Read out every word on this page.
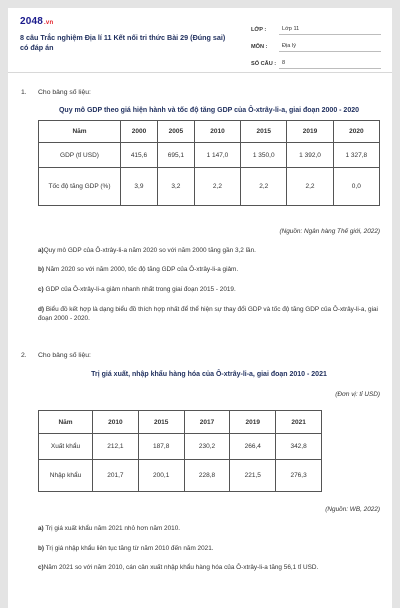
2048.vn
8 câu Trắc nghiệm Địa lí 11 Kết nối tri thức Bài 29 (Đúng sai) có đáp án
LỚP :	Lớp 11
MÔN :	Địa lý
SỐ CÂU :	8
1. Cho bảng số liệu:
Quy mô GDP theo giá hiện hành và tốc độ tăng GDP của Ô-xtrây-li-a, giai đoạn 2000 - 2020
Năm	2000	2005	2010	2015	2019	2020
GDP (tỉ USD)	415,6	695,1	1 147,0	1 350,0	1 392,0	1 327,8
Tốc độ tăng GDP (%)	3,9	3,2	2,2	2,2	2,2	0,0
(Nguồn: Ngân hàng Thế giới, 2022)
a)Quy mô GDP của Ô-xtrây-li-a năm 2020 so với năm 2000 tăng gần 3,2 lần.
b) Năm 2020 so với năm 2000, tốc độ tăng GDP của Ô-xtrây-li-a giảm.
c) GDP của Ô-xtrây-li-a giảm nhanh nhất trong giai đoạn 2015 - 2019.
d) Biểu đồ kết hợp là dạng biểu đồ thích hợp nhất để thể hiện sự thay đổi GDP và tốc độ tăng GDP của Ô-xtrây-li-a, giai đoạn 2000 - 2020.
2. Cho bảng số liệu:
Trị giá xuất, nhập khẩu hàng hóa của Ô-xtrây-li-a, giai đoạn 2010 - 2021
(Đơn vị: tỉ USD)
Năm	2010	2015	2017	2019	2021
Xuất khẩu	212,1	187,8	230,2	266,4	342,8
Nhập khẩu	201,7	200,1	228,8	221,5	276,3
(Nguồn: WB, 2022)
a) Trị giá xuất khẩu năm 2021 nhỏ hơn năm 2010.
b) Trị giá nhập khẩu liên tục tăng từ năm 2010 đến năm 2021.
c)Năm 2021 so với năm 2010, cán cân xuất nhập khẩu hàng hóa của Ô-xtrây-li-a tăng 56,1 tỉ USD.
